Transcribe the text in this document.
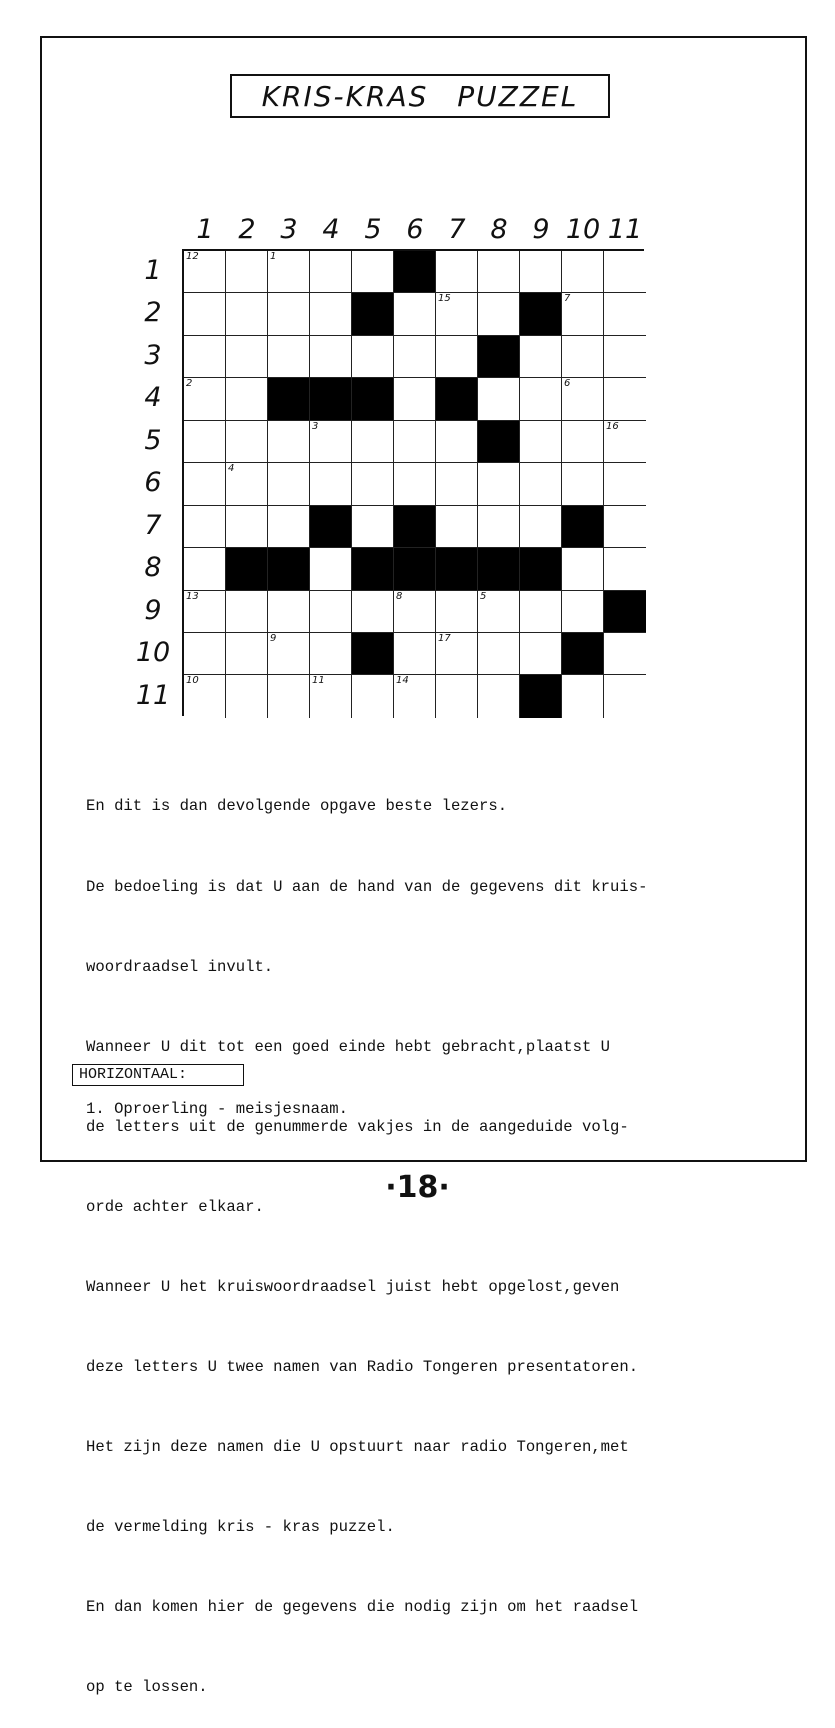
KRIS-KRAS PUZZEL
1 2 3 4 5 6 7 8 9 10 11
1
2
3
4
5
6
7
8
9
10
11
12	1
15	7
2	6
3	16
4
13	8	5
9	17
10	11	14

En dit is dan devolgende opgave beste lezers.

De bedoeling is dat U aan de hand van de gegevens dit kruis-

woordraadsel invult.

Wanneer U dit tot een goed einde hebt gebracht,plaatst U

de letters uit de genummerde vakjes in de aangeduide volg-

orde achter elkaar.

Wanneer U het kruiswoordraadsel juist hebt opgelost,geven

deze letters U twee namen van Radio Tongeren presentatoren.

Het zijn deze namen die U opstuurt naar radio Tongeren,met

de vermelding kris - kras puzzel.

En dan komen hier de gegevens die nodig zijn om het raadsel

op te lossen.

HORIZONTAAL:
1. Oproerling - meisjesnaam.
·18·
